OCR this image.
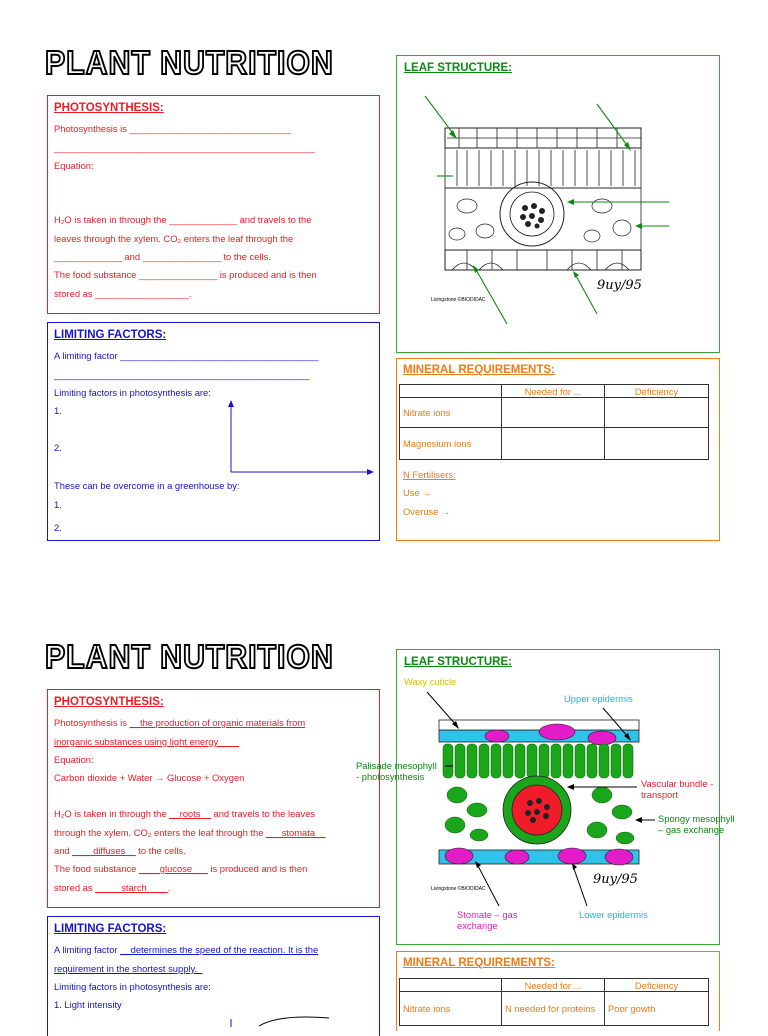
PLANT NUTRITION
PHOTOSYNTHESIS:
Photosynthesis is _______________________________
__________________________________________________
Equation:
H₂O is taken in through the _____________ and travels to the
leaves through the xylem. CO₂ enters the leaf through the
_____________ and _______________ to the cells.
The food substance _______________ is produced and is then
stored as __________________.
LIMITING FACTORS:
A limiting factor ______________________________________
_________________________________________________
Limiting factors in photosynthesis are:
1.
2.
These can be overcome in a greenhouse by:
1.
2.
LEAF STRUCTURE:
9uy/95
Livingstone ©BIODIDAC
MINERAL REQUIREMENTS:
	Needed for ...	Deficiency
Nitrate ions		
Magnesium ions		
N Fertilisers:
Use →
Overuse →
PLANT NUTRITION
PHOTOSYNTHESIS:
Photosynthesis is __the production of organic materials from
inorganic substances using light energy____
Equation:
Carbon dioxide + Water → Glucose + Oxygen
H₂O is taken in through the __roots__ and travels to the leaves
through the xylem. CO₂ enters the leaf through the ___stomata__
and ____diffuses__ to the cells.
The food substance ____glucose___ is produced and is then
stored as _____starch____.
LIMITING FACTORS:
A limiting factor __determines the speed of the reaction. It is the
requirement in the shortest supply._
Limiting factors in photosynthesis are:
1. Light intensity
LEAF STRUCTURE:
Waxy cuticle
Upper epidermis
Palisade mesophyll
- photosynthesis
Vascular bundle -
transport
Spongy mesophyll
– gas exchange
Stomate – gas
exchange
Lower epidermis
9uy/95
Livingstone ©BIODIDAC
MINERAL REQUIREMENTS:
	Needed for ...	Deficiency
Nitrate ions	N needed for proteins	Poor gowth
